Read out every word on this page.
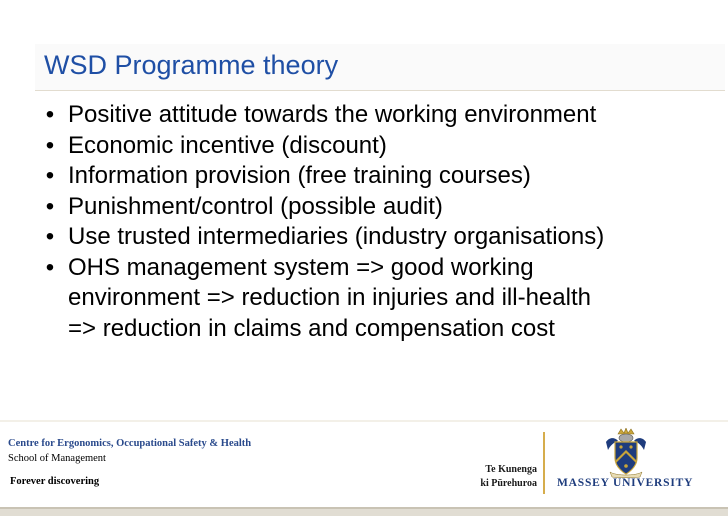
WSD Programme theory
• Positive attitude towards the working environment
• Economic incentive (discount)
• Information provision (free training courses)
• Punishment/control (possible audit)
• Use trusted intermediaries (industry organisations)
• OHS management system => good working
environment => reduction in injuries and ill-health
=> reduction in claims and compensation cost
Centre for Ergonomics, Occupational Safety & Health
School of Management
Forever discovering
Te Kunenga
ki Pūrehuroa MASSEY UNIVERSITY
